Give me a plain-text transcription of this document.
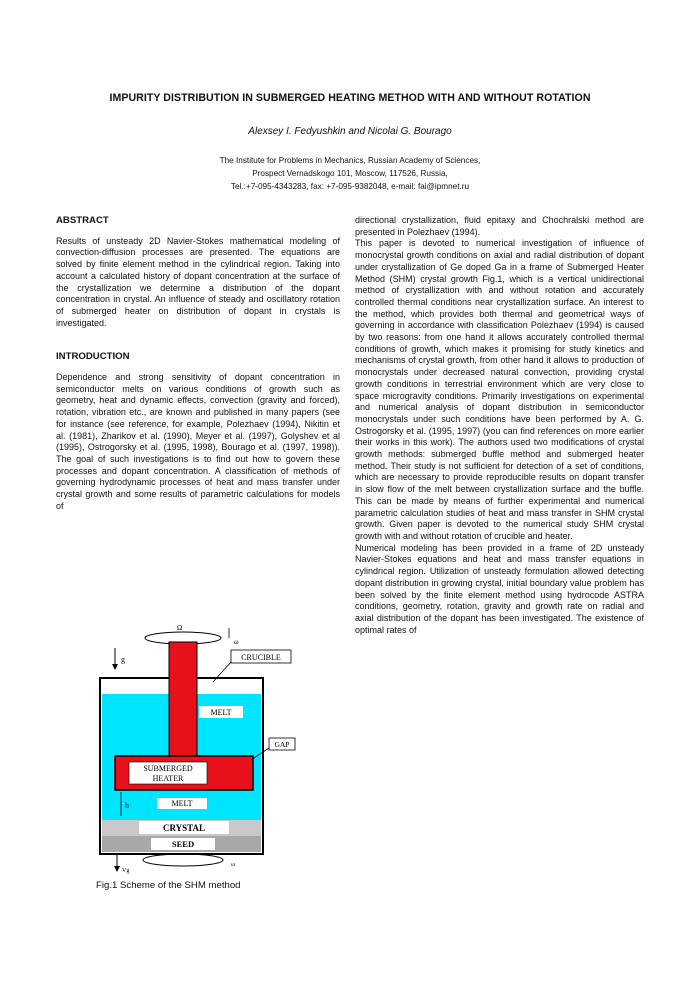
IMPURITY DISTRIBUTION IN SUBMERGED HEATING METHOD WITH AND WITHOUT ROTATION
Alexsey I. Fedyushkin and Nicolai G. Bourago
The Institute for Problems in Mechanics, Russian Academy of Sciences,
Prospect Vernadskogo 101, Moscow, 117526, Russia,
Tel.:+7-095-4343283, fax: +7-095-9382048, e-mail: fai@ipmnet.ru
ABSTRACT

Results of unsteady 2D Navier-Stokes mathematical modeling of convection-diffusion processes are presented. The equations are solved by finite element method in the cylindrical region. Taking into account a calculated history of dopant concentration at the surface of the crystallization we determine a distribution of the dopant concentration in crystal. An influence of steady and oscillatory rotation of submerged heater on distribution of dopant in crystals is investigated.

INTRODUCTION

Dependence and strong sensitivity of dopant concentration in semiconductor melts on various conditions of growth such as geometry, heat and dynamic effects, convection (gravity and forced), rotation, vibration etc., are known and published in many papers (see for instance (see reference, for example, Polezhaev (1994), Nikitin et al. (1981), Zharikov et al. (1990), Meyer et al. (1997), Golyshev et al (1995), Ostrogorsky et al. (1995, 1998), Bourago et al. (1997, 1998)). The goal of such investigations is to find out how to govern these processes and dopant concentration. A classification of methods of governing hydrodynamic processes of heat and mass transfer under crystal growth and some results of parametric calculations for models of

directional crystallization, fluid epitaxy and Chochralski method are presented in Polezhaev (1994).

This paper is devoted to numerical investigation of influence of monocrystal growth conditions on axial and radial distribution of dopant under crystallization of Ge doped Ga in a frame of Submerged Heater Method (SHM) crystal growth Fig.1, which is a vertical unidirectional method of crystallization with and without rotation and accurately controlled thermal conditions near crystallization surface. An interest to the method, which provides both thermal and geometrical ways of governing in accordance with classification Polezhaev (1994) is caused by two reasons: from one hand it allows accurately controlled thermal conditions of growth, which makes it promising for study kinetics and mechanisms of crystal growth, from other hand it allows to production of monocrystals under decreased natural convection, providing crystal growth conditions in terrestrial environment which are very close to space microgravity conditions. Primarily investigations on experimental and numerical analysis of dopant distribution in semiconductor monocrystals under such conditions have been performed by A. G. Ostrogorsky et al. (1995, 1997) (you can find references on more earlier their works in this work). The authors used two modifications of crystal growth methods: submerged buffle method and submerged heater method. Their study is not sufficient for detection of a set of conditions, which are necessary to provide reproducible results on dopant transfer in slow flow of the melt between crystallization surface and the buffle. This can be made by means of further experimental and numerical parametric calculation studies of heat and mass transfer in SHM crystal growth. Given paper is devoted to the numerical study SHM crystal growth with and without rotation of crucible and heater.

Numerical modeling has been provided in a frame of 2D unsteady Navier-Stokes equations and heat and mass transfer equations in cylindrical region. Utilization of unsteady formulation allowed detecting dopant distribution in growing crystal, initial boundary value problem has been solved by the finite element method using hydrocode ASTRA conditions, geometry, rotation, gravity and growth rate on radial and axial distribution of the dopant has been investigated. The existence of optimal rates of

Ω
SUBMERGED
HEATER
MELT
MELT
CRYSTAL
SEED
CRUCIBLE
GAP
g
ω
h
Vg
ω
Fig.1 Scheme of the SHM method
